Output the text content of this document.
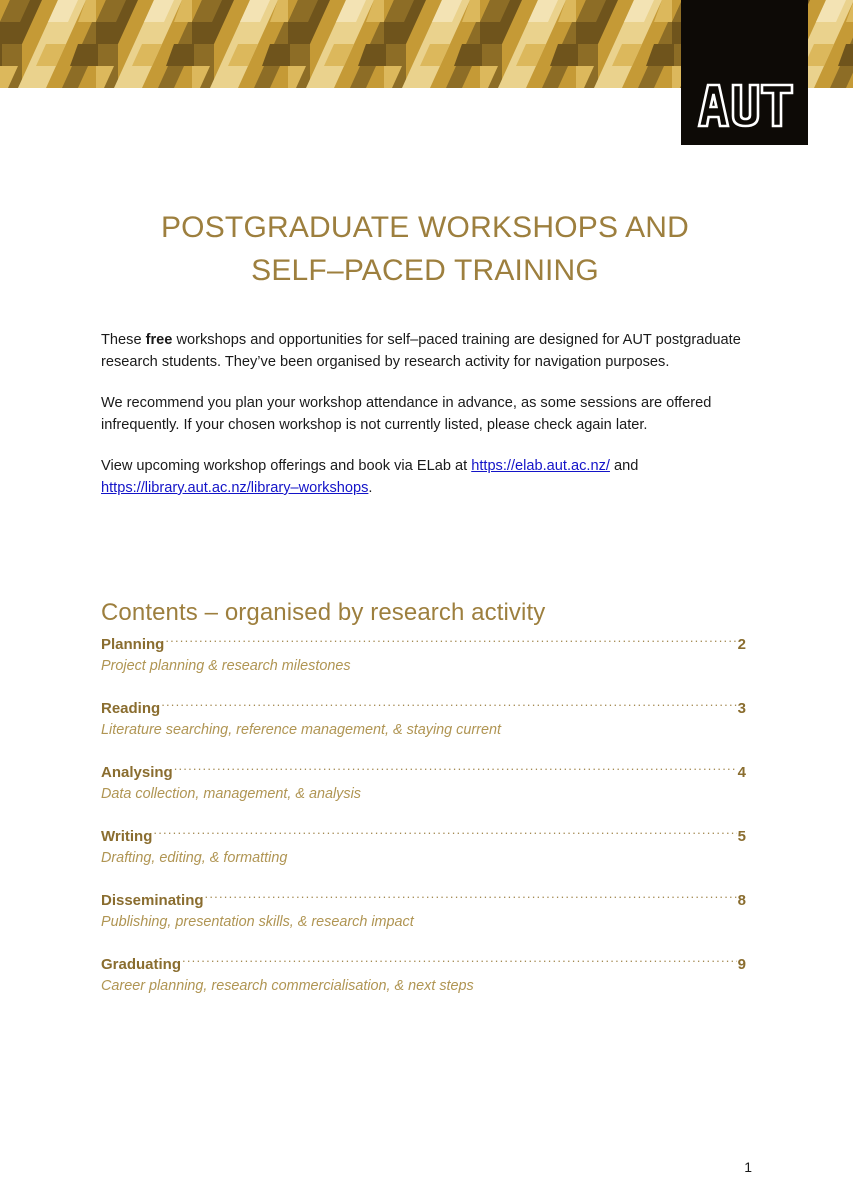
POSTGRADUATE WORKSHOPS AND
SELF–PACED TRAINING

These free workshops and opportunities for self–paced training are designed for AUT postgraduate research students. They’ve been organised by research activity for navigation purposes.

We recommend you plan your workshop attendance in advance, as some sessions are offered infrequently. If your chosen workshop is not currently listed, please check again later.

View upcoming workshop offerings and book via ELab at https://elab.aut.ac.nz/ and https://library.aut.ac.nz/library–workshops.

Contents – organised by research activity
Planning .....	2
Project planning & research milestones
Reading .....	3
Literature searching, reference management, & staying current
Analysing .....	4
Data collection, management, & analysis
Writing .....	5
Drafting, editing, & formatting
Disseminating .....	8
Publishing, presentation skills, & research impact
Graduating .....	9
Career planning, research commercialisation, & next steps
1
